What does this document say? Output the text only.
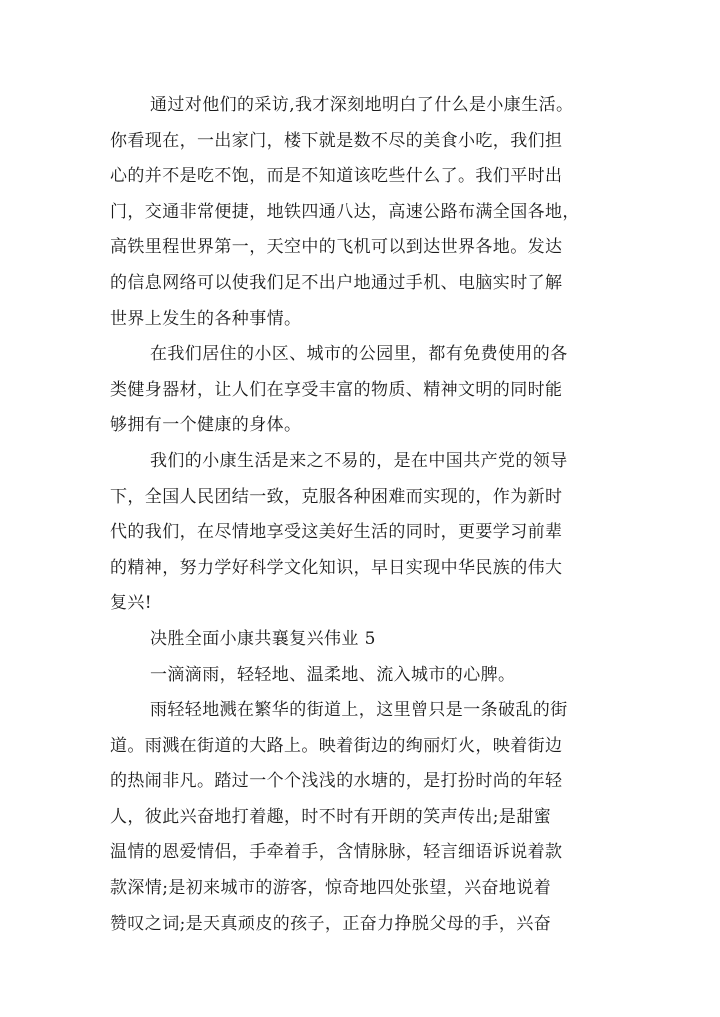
通过对他们的采访,我才深刻地明白了什么是小康生活。
你看现在，一出家门，楼下就是数不尽的美食小吃，我们担
心的并不是吃不饱，而是不知道该吃些什么了。我们平时出
门，交通非常便捷，地铁四通八达，高速公路布满全国各地，
高铁里程世界第一，天空中的飞机可以到达世界各地。发达
的信息网络可以使我们足不出户地通过手机、电脑实时了解
世界上发生的各种事情。
在我们居住的小区、城市的公园里，都有免费使用的各
类健身器材，让人们在享受丰富的物质、精神文明的同时能
够拥有一个健康的身体。
我们的小康生活是来之不易的，是在中国共产党的领导
下，全国人民团结一致，克服各种困难而实现的，作为新时
代的我们，在尽情地享受这美好生活的同时，更要学习前辈
的精神，努力学好科学文化知识，早日实现中华民族的伟大
复兴!
决胜全面小康共襄复兴伟业 5
一滴滴雨，轻轻地、温柔地、流入城市的心脾。
雨轻轻地溅在繁华的街道上，这里曾只是一条破乱的街
道。雨溅在街道的大路上。映着街边的绚丽灯火，映着街边
的热闹非凡。踏过一个个浅浅的水塘的，是打扮时尚的年轻
人，彼此兴奋地打着趣，时不时有开朗的笑声传出;是甜蜜
温情的恩爱情侣，手牵着手，含情脉脉，轻言细语诉说着款
款深情;是初来城市的游客，惊奇地四处张望，兴奋地说着
赞叹之词;是天真顽皮的孩子，正奋力挣脱父母的手，兴奋
